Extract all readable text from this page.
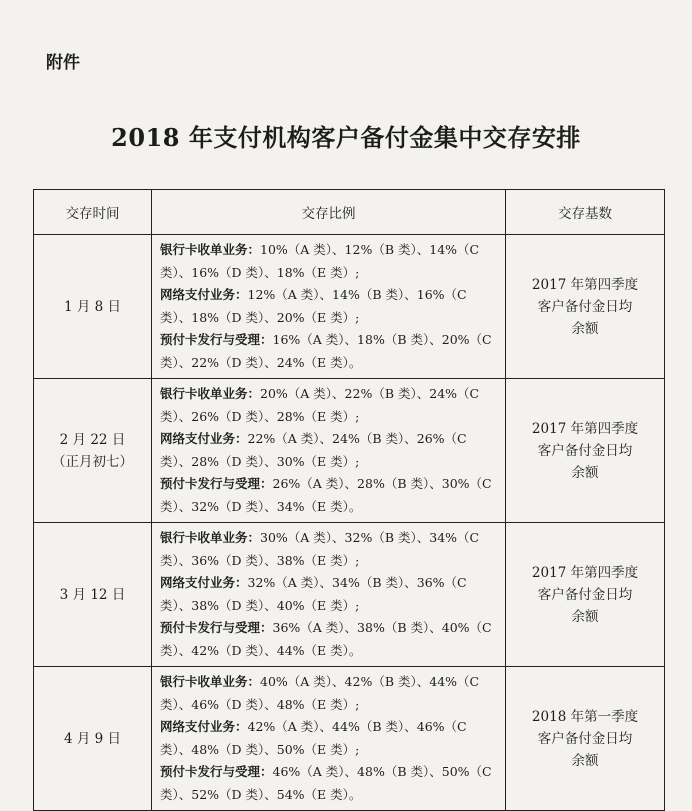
附件
2018 年支付机构客户备付金集中交存安排
交存时间	交存比例	交存基数

1 月 8 日	银行卡收单业务：10%（A 类）、12%（B 类）、14%（C 类）、16%（D 类）、18%（E 类）;
网络支付业务：12%（A 类）、14%（B 类）、16%（C 类）、18%（D 类）、20%（E 类）;
预付卡发行与受理：16%（A 类）、18%（B 类）、20%（C 类）、22%（D 类）、24%（E 类）。	2017 年第四季度
客户备付金日均
余额

2 月 22 日
（正月初七）	银行卡收单业务：20%（A 类）、22%（B 类）、24%（C 类）、26%（D 类）、28%（E 类）;
网络支付业务：22%（A 类）、24%（B 类）、26%（C 类）、28%（D 类）、30%（E 类）;
预付卡发行与受理：26%（A 类）、28%（B 类）、30%（C 类）、32%（D 类）、34%（E 类）。	2017 年第四季度
客户备付金日均
余额

3 月 12 日	银行卡收单业务：30%（A 类）、32%（B 类）、34%（C 类）、36%（D 类）、38%（E 类）;
网络支付业务：32%（A 类）、34%（B 类）、36%（C 类）、38%（D 类）、40%（E 类）;
预付卡发行与受理：36%（A 类）、38%（B 类）、40%（C 类）、42%（D 类）、44%（E 类）。	2017 年第四季度
客户备付金日均
余额

4 月 9 日	银行卡收单业务：40%（A 类）、42%（B 类）、44%（C 类）、46%（D 类）、48%（E 类）;
网络支付业务：42%（A 类）、44%（B 类）、46%（C 类）、48%（D 类）、50%（E 类）;
预付卡发行与受理：46%（A 类）、48%（B 类）、50%（C 类）、52%（D 类）、54%（E 类）。	2018 年第一季度
客户备付金日均
余额
